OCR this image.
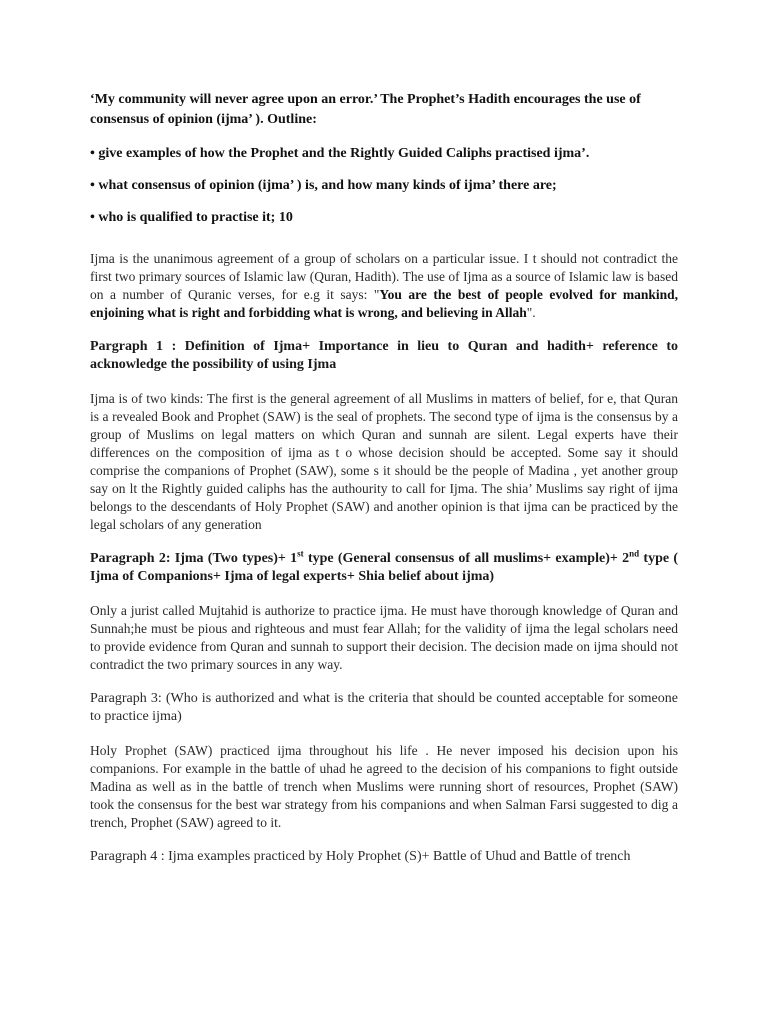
‘My community will never agree upon an error.’ The Prophet’s Hadith encourages the use of consensus of opinion (ijma’ ). Outline:

• give examples of how the Prophet and the Rightly Guided Caliphs practised ijma’.

• what consensus of opinion (ijma’ ) is, and how many kinds of ijma’ there are;

• who is qualified to practise it; 10

Ijma is the unanimous agreement of a group of scholars on a particular issue. I t should not contradict the first two primary sources of Islamic law (Quran, Hadith). The use of Ijma as a source of Islamic law is based on a number of Quranic verses, for e.g it says: "You are the best of people evolved for mankind, enjoining what is right and forbidding what is wrong, and believing in Allah".

Pargraph 1 : Definition of Ijma+ Importance in lieu to Quran and hadith+ reference to acknowledge the possibility of using Ijma

Ijma is of two kinds: The first is the general agreement of all Muslims in matters of belief, for e, that Quran is a revealed Book and Prophet (SAW) is the seal of prophets. The second type of ijma is the consensus by a group of Muslims on legal matters on which Quran and sunnah are silent. Legal experts have their differences on the composition of ijma as t o whose decision should be accepted. Some say it should comprise the companions of Prophet (SAW), some s it should be the people of Madina , yet another group say on lt the Rightly guided caliphs has the authourity to call for Ijma. The shia’ Muslims say right of ijma belongs to the descendants of Holy Prophet (SAW) and another opinion is that ijma can be practiced by the legal scholars of any generation

Paragraph 2: Ijma (Two types)+ 1st type (General consensus of all muslims+ example)+ 2nd type ( Ijma of Companions+ Ijma of legal experts+ Shia belief about ijma)

Only a jurist called Mujtahid is authorize to practice ijma. He must have thorough knowledge of Quran and Sunnah;he must be pious and righteous and must fear Allah; for the validity of ijma the legal scholars need to provide evidence from Quran and sunnah to support their decision. The decision made on ijma should not contradict the two primary sources in any way.

Paragraph 3: (Who is authorized and what is the criteria that should be counted acceptable for someone to practice ijma)

Holy Prophet (SAW) practiced ijma throughout his life . He never imposed his decision upon his companions. For example in the battle of uhad he agreed to the decision of his companions to fight outside Madina as well as in the battle of trench when Muslims were running short of resources, Prophet (SAW) took the consensus for the best war strategy from his companions and when Salman Farsi suggested to dig a trench, Prophet (SAW) agreed to it.

Paragraph 4 : Ijma examples practiced by Holy Prophet (S)+ Battle of Uhud and Battle of trench
